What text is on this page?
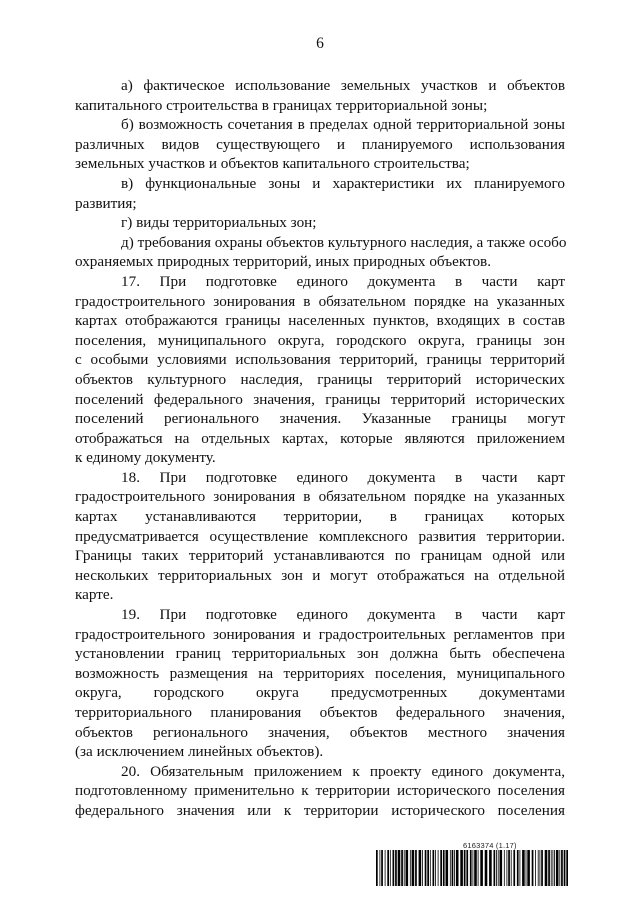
6
а) фактическое использование земельных участков и объектов
капитального строительства в границах территориальной зоны;
б) возможность сочетания в пределах одной территориальной зоны
различных видов существующего и планируемого использования
земельных участков и объектов капитального строительства;
в) функциональные зоны и характеристики их планируемого
развития;
г) виды территориальных зон;
д) требования охраны объектов культурного наследия, а также особо
охраняемых природных территорий, иных природных объектов.
17. При подготовке единого документа в части карт
градостроительного зонирования в обязательном порядке на указанных
картах отображаются границы населенных пунктов, входящих в состав
поселения, муниципального округа, городского округа, границы зон
с особыми условиями использования территорий, границы территорий
объектов культурного наследия, границы территорий исторических
поселений федерального значения, границы территорий исторических
поселений регионального значения. Указанные границы могут
отображаться на отдельных картах, которые являются приложением
к единому документу.
18. При подготовке единого документа в части карт
градостроительного зонирования в обязательном порядке на указанных
картах устанавливаются территории, в границах которых
предусматривается осуществление комплексного развития территории.
Границы таких территорий устанавливаются по границам одной или
нескольких территориальных зон и могут отображаться на отдельной
карте.
19. При подготовке единого документа в части карт
градостроительного зонирования и градостроительных регламентов при
установлении границ территориальных зон должна быть обеспечена
возможность размещения на территориях поселения, муниципального
округа, городского округа предусмотренных документами
территориального планирования объектов федерального значения,
объектов регионального значения, объектов местного значения
(за исключением линейных объектов).
20. Обязательным приложением к проекту единого документа,
подготовленному применительно к территории исторического поселения
федерального значения или к территории исторического поселения
6163374 (1.17)
